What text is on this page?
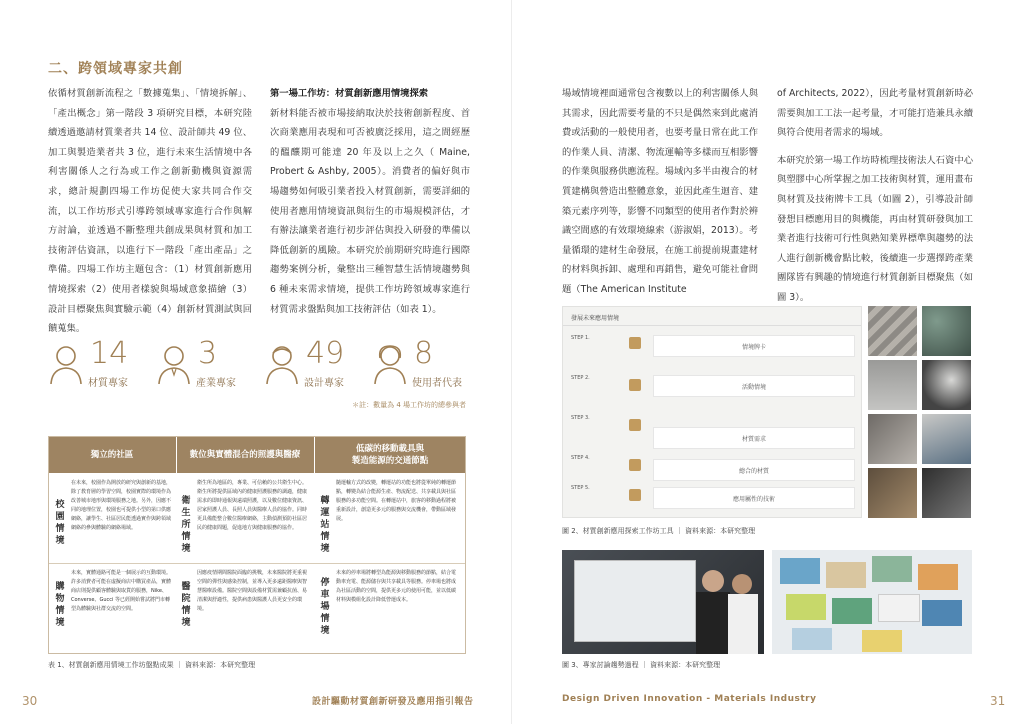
二、跨領域專家共創

依循材質創新流程之「數據蒐集」、「情境拆解」、「產出概念」第一階段 3 項研究目標，本研究陸續透過邀請材質業者共 14 位、設計師共 49 位、加工與製造業者共 3 位，進行未來生活情境中各利害關係人之行為或工作之創新動機與資源需求，總計規劃四場工作坊促使大家共同合作交流，以工作坊形式引導跨領域專家進行合作與解方討論，並透過不斷整理共創成果與材質和加工技術評估資訊，以進行下一階段「產出產品」之準備。四場工作坊主題包含：（1）材質創新應用情境探索（2）使用者樣貌與場域意象描繪（3）設計目標聚焦與實驗示範（4）創新材質測試與回饋蒐集。

第一場工作坊：材質創新應用情境探索
新材料能否被市場接納取決於技術創新程度、首次商業應用表現和可否被廣泛採用，這之間經歷的醞釀期可能達 20 年及以上之久（ Maine, Probert & Ashby, 2005）。消費者的偏好與市場趨勢如何吸引業者投入材質創新，需要詳細的使用者應用情境資訊與衍生的市場規模評估，才有辦法讓業者進行初步評估與投入研發的準備以降低創新的風險。本研究於前期研究時進行國際趨勢案例分析，彙整出三種智慧生活情境趨勢與 6 種未來需求情境，提供工作坊跨領域專家進行材質需求盤點與加工技術評估（如表 1）。
14
材質專家
3
產業專家
49
設計專家
8
使用者代表
＊註：數量為 4 場工作坊的總參與者
獨立的社區	數位與實體混合的照護與醫療
低碳的移動載具與
製造能源的交通節點
校園情境
在未來，校園作為開放的研究與創新的基地，除了教育層的學習空間，校園實際的環境作為改善城市地形與環境服務之地。另外，因應不同的地理位置，校園也可提供小型的第口供應網絡，讓學生、社區居民能透過實作與跨領域網絡的參與體驗的網絡場域。
衛生所情境
衛生所為地區的，專業、可信賴的公共衛生中心。衛生所將提供區域內的健康照護服務的調適，健康需求的即時通報與遠端照護，以及數位健康資訊、居家照護人員、長照人員與醫療人員的協作。同時更具備能整合數位醫療網絡，主動偵測預防社區居民的健康問題，促進地方與健康服務的協作。
轉運站情境
隨運輸方式的改變，轉運站的功能也將從單純的轉運節點，轉變為結合能源生產、物流配送、共享載具與社區服務的多功能空間。在轉運站中，旅客的移動過程將被重新設計，創造更多元的服務與交流機會，帶動區域發展。
購物情境
未來，實體通路可能是一個展示的互動環境。許多消費者可能在虛擬商店中購買產品，實體商店則提供顧客體驗與取貨的服務，Nike、Converse、Gucci 等已經開始嘗試將門市轉型為體驗與社群交流的空間。
醫院情境
因應疫情期間醫院面臨的挑戰，未來醫院將更重視空間的彈性與感染控制，並導入更多遠距醫療與智慧醫療設備。醫院空間與設備材質需兼顧抗菌、易清潔與舒適性，提供病患與醫護人員更安全的環境。
停車場情境
未來的停車場將轉型為能源與移動服務的節點，結合電動車充電、能源儲存與共享載具等服務。停車場也將成為社區活動的空間，提供更多元的使用可能，並以低碳材料與模組化設計降低營運成本。
表 1、材質創新應用情境工作坊盤點成果 ｜ 資料來源：本研究整理
30	設計驅動材質創新研發及應用指引報告

場域情境裡面通常包含複數以上的利害關係人與其需求，因此需要考量的不只是偶然來到此處消費或活動的一般使用者，也要考量日常在此工作的作業人員、清潔、物流運輸等多樣而互相影響的作業與服務供應流程。場域內多半由複合的材質建構與營造出整體意象，並因此產生迴音、建築元素序列等，影響不同類型的使用者作對於辨識空間感的有效環境線索（游淑娟，2013）。考量循環的建材生命發展，在施工前提前規畫建材的材料與拆卸、處理和再銷售，避免可能社會問題（The American Institute

of Architects, 2022），因此考量材質創新時必需要與加工工法一起考量，才可能打造兼具永續與符合使用者需求的場域。
本研究於第一場工作坊時梳理技術法人石資中心與塑膠中心所掌握之加工技術與材質，運用畫布與材質及技術牌卡工具（如圖 2），引導設計師發想目標應用目的與機能，再由材質研發與加工業者進行技術可行性與熟知業界標準與趨勢的法人進行創新機會點比較，後續進一步選擇跨產業團隊皆有興趣的情境進行材質創新目標聚焦（如圖 3）。
發展未來應用情境
STEP 1.
情境牌卡
STEP 2.
活動情境
STEP 3.
材質需求
STEP 4.
總合的材質
STEP 5.
應用屬性的技術
圖 2、材質創新應用探索工作坊工具 ｜ 資料來源：本研究整理
圖 3、專家討論趨勢過程 ｜ 資料來源：本研究整理
Design Driven Innovation - Materials Industry	31
